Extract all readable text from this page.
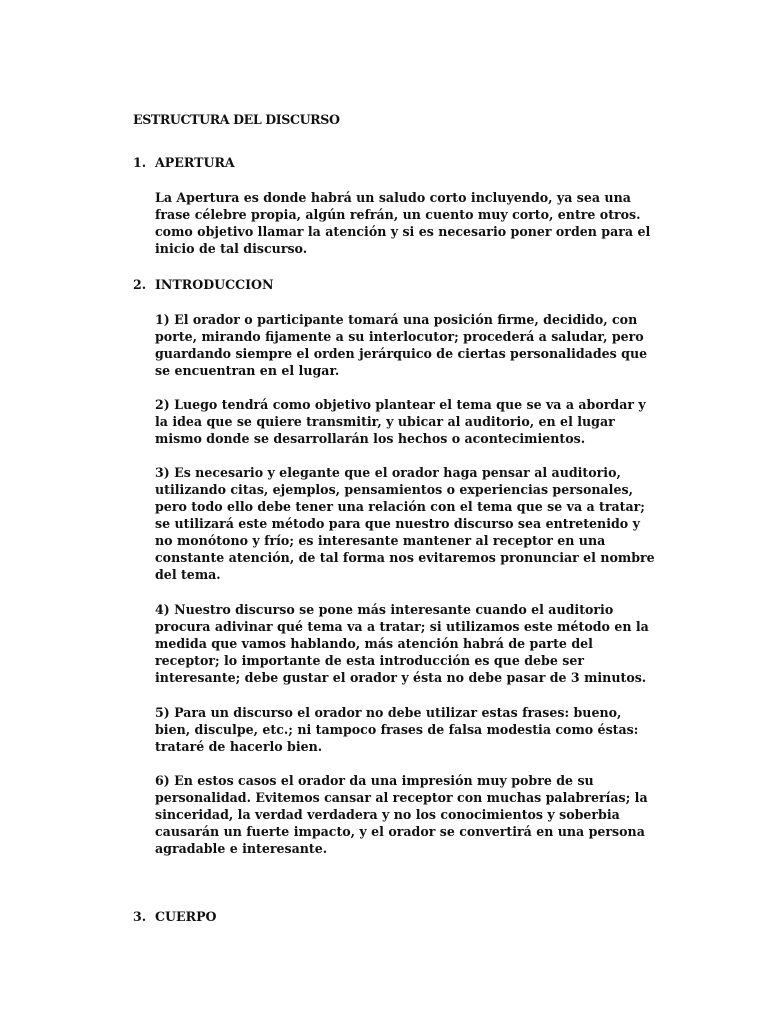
ESTRUCTURA DEL DISCURSO
1. APERTURA
La Apertura es donde habrá un saludo corto incluyendo, ya sea una
frase célebre propia, algún refrán, un cuento muy corto, entre otros.
como objetivo llamar la atención y si es necesario poner orden para el
inicio de tal discurso.
2. INTRODUCCION
1) El orador o participante tomará una posición firme, decidido, con
porte, mirando fijamente a su interlocutor; procederá a saludar, pero
guardando siempre el orden jerárquico de ciertas personalidades que
se encuentran en el lugar.
2) Luego tendrá como objetivo plantear el tema que se va a abordar y
la idea que se quiere transmitir, y ubicar al auditorio, en el lugar
mismo donde se desarrollarán los hechos o acontecimientos.
3) Es necesario y elegante que el orador haga pensar al auditorio,
utilizando citas, ejemplos, pensamientos o experiencias personales,
pero todo ello debe tener una relación con el tema que se va a tratar;
se utilizará este método para que nuestro discurso sea entretenido y
no monótono y frío; es interesante mantener al receptor en una
constante atención, de tal forma nos evitaremos pronunciar el nombre
del tema.
4) Nuestro discurso se pone más interesante cuando el auditorio
procura adivinar qué tema va a tratar; si utilizamos este método en la
medida que vamos hablando, más atención habrá de parte del
receptor; lo importante de esta introducción es que debe ser
interesante; debe gustar el orador y ésta no debe pasar de 3 minutos.
5) Para un discurso el orador no debe utilizar estas frases: bueno,
bien, disculpe, etc.; ni tampoco frases de falsa modestia como éstas:
trataré de hacerlo bien.
6) En estos casos el orador da una impresión muy pobre de su
personalidad. Evitemos cansar al receptor con muchas palabrerías; la
sinceridad, la verdad verdadera y no los conocimientos y soberbia
causarán un fuerte impacto, y el orador se convertirá en una persona
agradable e interesante.
3. CUERPO
